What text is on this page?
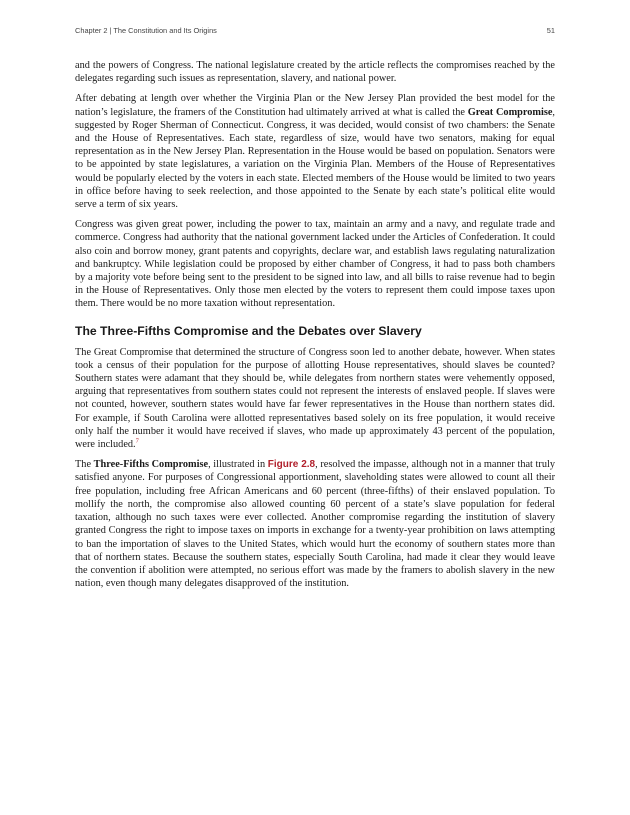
Chapter 2 | The Constitution and Its Origins	51

and the powers of Congress. The national legislature created by the article reflects the compromises reached by the delegates regarding such issues as representation, slavery, and national power.

After debating at length over whether the Virginia Plan or the New Jersey Plan provided the best model for the nation’s legislature, the framers of the Constitution had ultimately arrived at what is called the Great Compromise, suggested by Roger Sherman of Connecticut. Congress, it was decided, would consist of two chambers: the Senate and the House of Representatives. Each state, regardless of size, would have two senators, making for equal representation as in the New Jersey Plan. Representation in the House would be based on population. Senators were to be appointed by state legislatures, a variation on the Virginia Plan. Members of the House of Representatives would be popularly elected by the voters in each state. Elected members of the House would be limited to two years in office before having to seek reelection, and those appointed to the Senate by each state’s political elite would serve a term of six years.

Congress was given great power, including the power to tax, maintain an army and a navy, and regulate trade and commerce. Congress had authority that the national government lacked under the Articles of Confederation. It could also coin and borrow money, grant patents and copyrights, declare war, and establish laws regulating naturalization and bankruptcy. While legislation could be proposed by either chamber of Congress, it had to pass both chambers by a majority vote before being sent to the president to be signed into law, and all bills to raise revenue had to begin in the House of Representatives. Only those men elected by the voters to represent them could impose taxes upon them. There would be no more taxation without representation.

The Three-Fifths Compromise and the Debates over Slavery

The Great Compromise that determined the structure of Congress soon led to another debate, however. When states took a census of their population for the purpose of allotting House representatives, should slaves be counted? Southern states were adamant that they should be, while delegates from northern states were vehemently opposed, arguing that representatives from southern states could not represent the interests of enslaved people. If slaves were not counted, however, southern states would have far fewer representatives in the House than northern states did. For example, if South Carolina were allotted representatives based solely on its free population, it would receive only half the number it would have received if slaves, who made up approximately 43 percent of the population, were included.$^7$

The Three-Fifths Compromise, illustrated in Figure 2.8, resolved the impasse, although not in a manner that truly satisfied anyone. For purposes of Congressional apportionment, slaveholding states were allowed to count all their free population, including free African Americans and 60 percent (three-fifths) of their enslaved population. To mollify the north, the compromise also allowed counting 60 percent of a state’s slave population for federal taxation, although no such taxes were ever collected. Another compromise regarding the institution of slavery granted Congress the right to impose taxes on imports in exchange for a twenty-year prohibition on laws attempting to ban the importation of slaves to the United States, which would hurt the economy of southern states more than that of northern states. Because the southern states, especially South Carolina, had made it clear they would leave the convention if abolition were attempted, no serious effort was made by the framers to abolish slavery in the new nation, even though many delegates disapproved of the institution.
